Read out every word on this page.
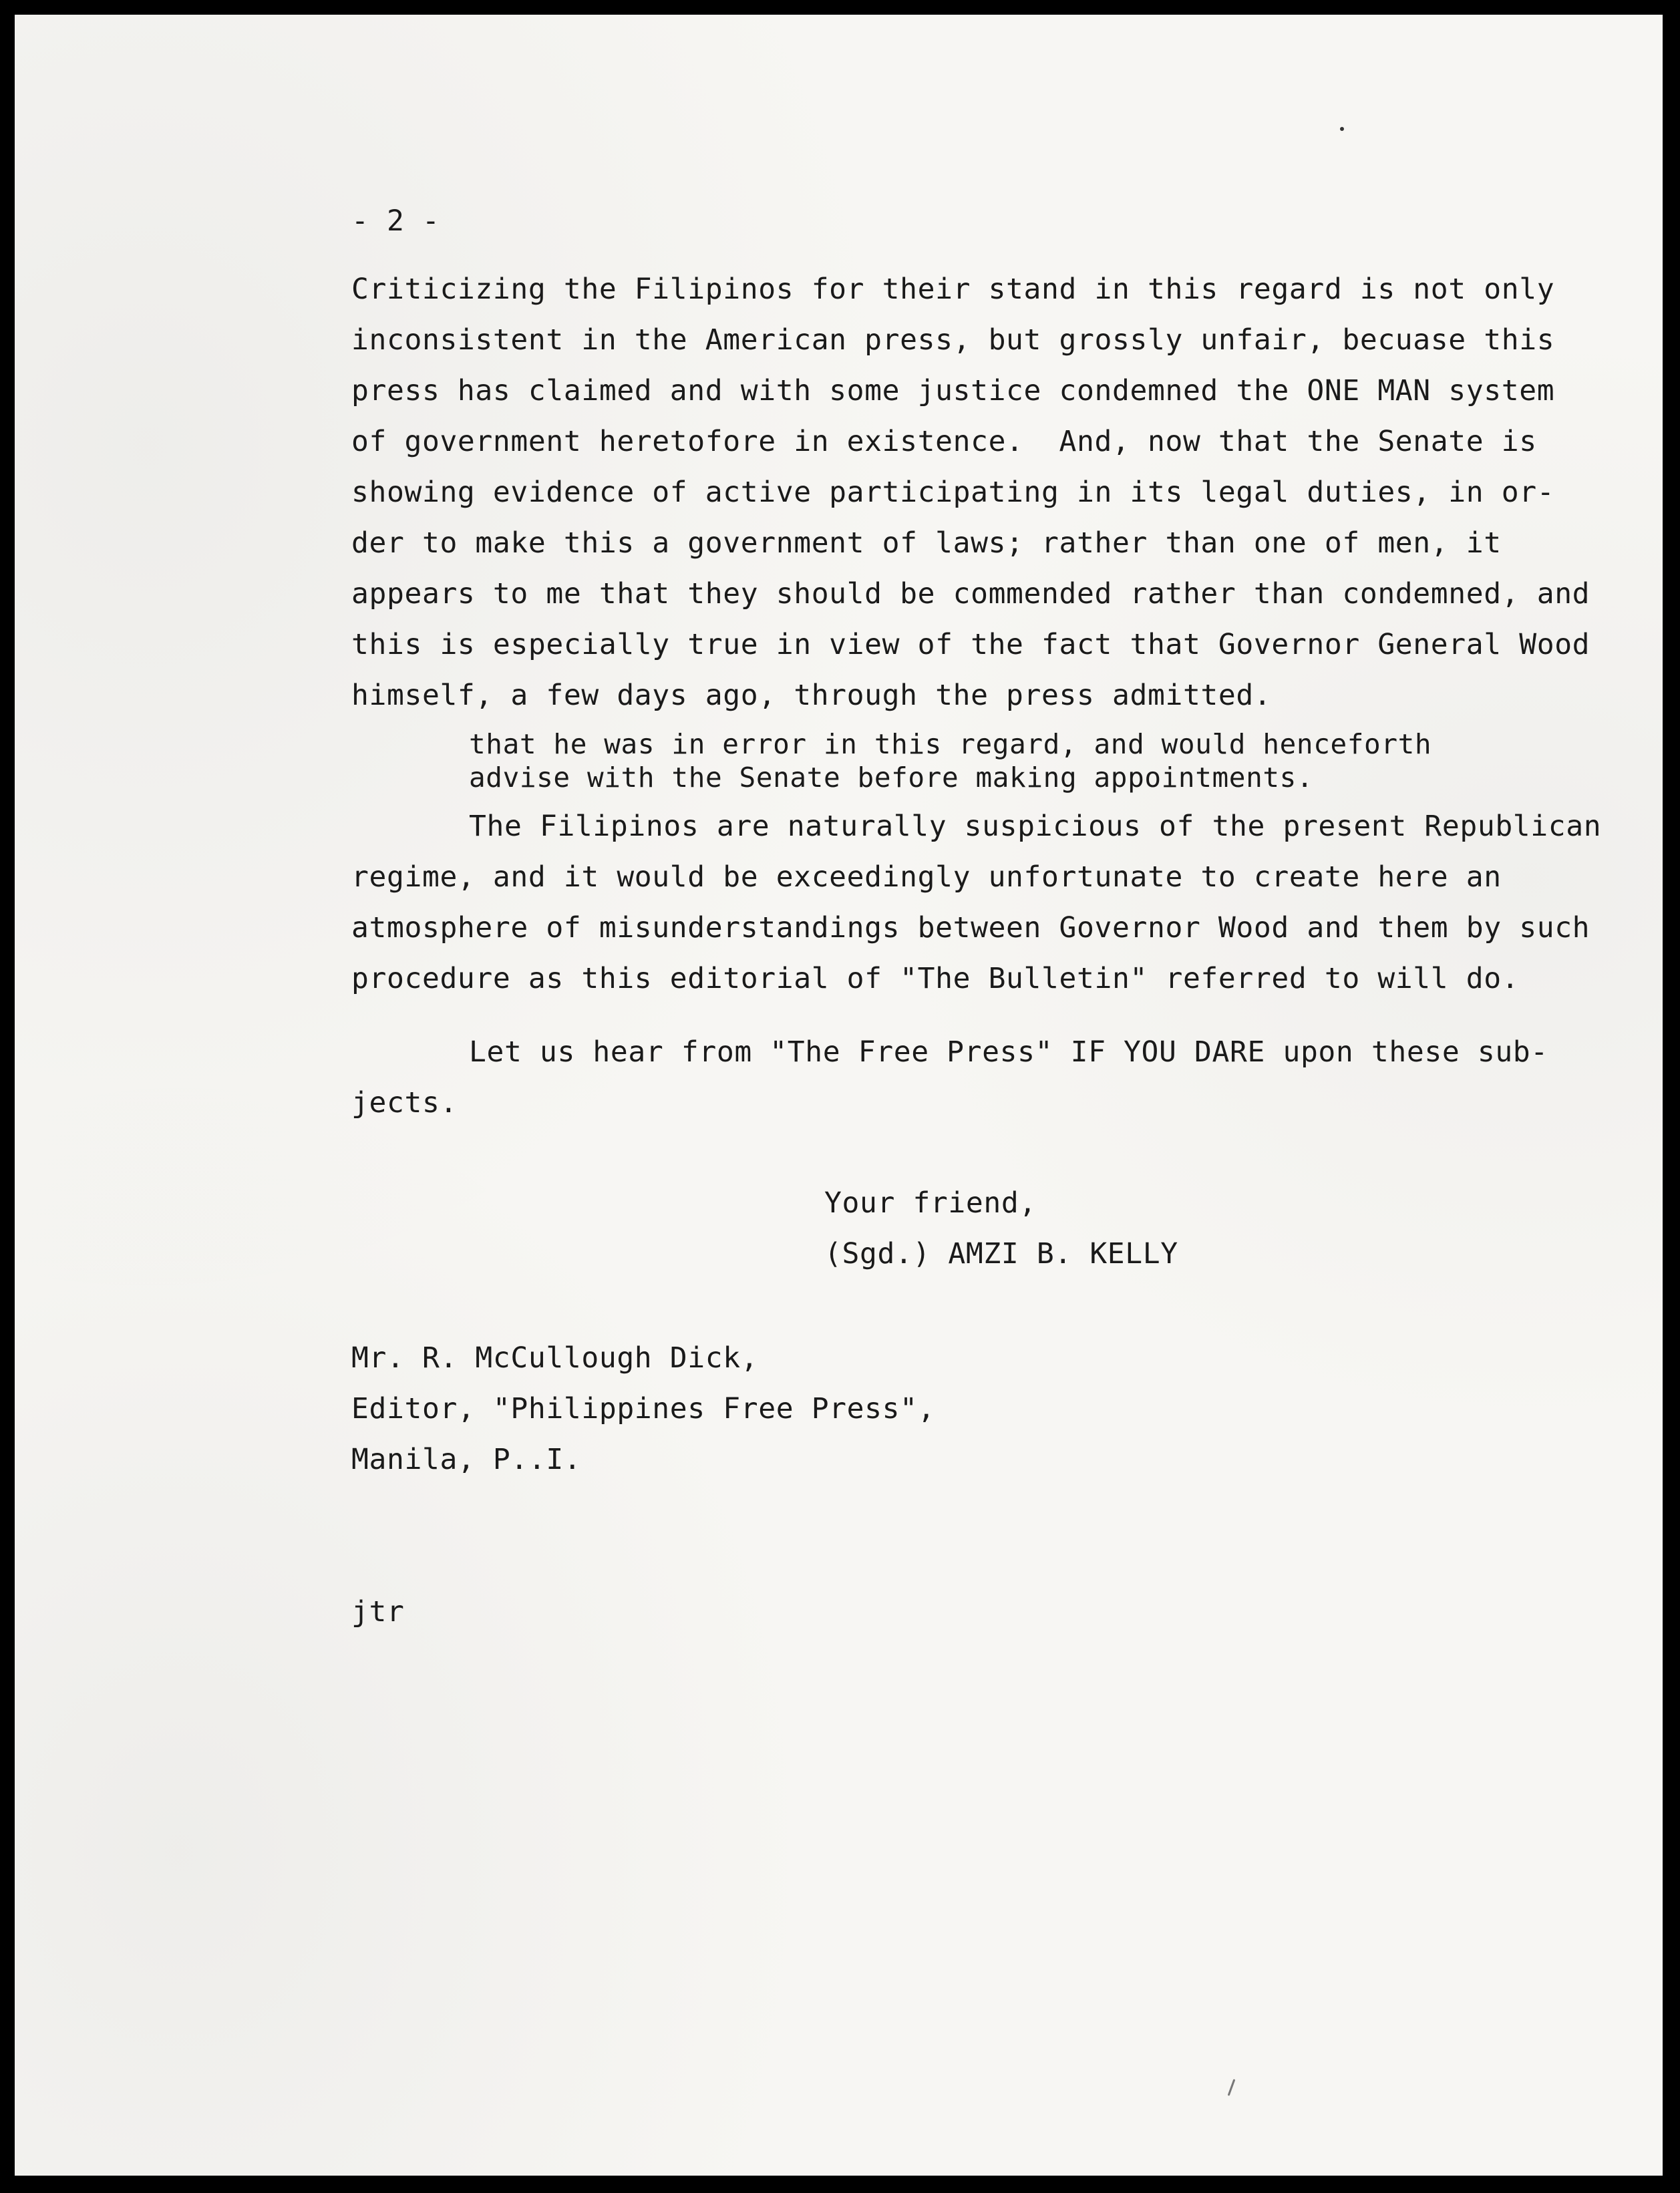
- 2 -
Criticizing the Filipinos for their stand in this regard is not only
inconsistent in the American press, but grossly unfair, becuase this
press has claimed and with some justice condemned the ONE MAN system
of government heretofore in existence.  And, now that the Senate is
showing evidence of active participating in its legal duties, in or-
der to make this a government of laws; rather than one of men, it
appears to me that they should be commended rather than condemned, and
this is especially true in view of the fact that Governor General Wood
himself, a few days ago, through the press admitted.
that he was in error in this regard, and would henceforth
advise with the Senate before making appointments.
The Filipinos are naturally suspicious of the present Republican
regime, and it would be exceedingly unfortunate to create here an
atmosphere of misunderstandings between Governor Wood and them by such
procedure as this editorial of "The Bulletin" referred to will do.
Let us hear from "The Free Press" IF YOU DARE upon these sub-
jects.
Your friend,
(Sgd.) AMZI B. KELLY
Mr. R. McCullough Dick,
Editor, "Philippines Free Press",
Manila, P..I.
jtr
